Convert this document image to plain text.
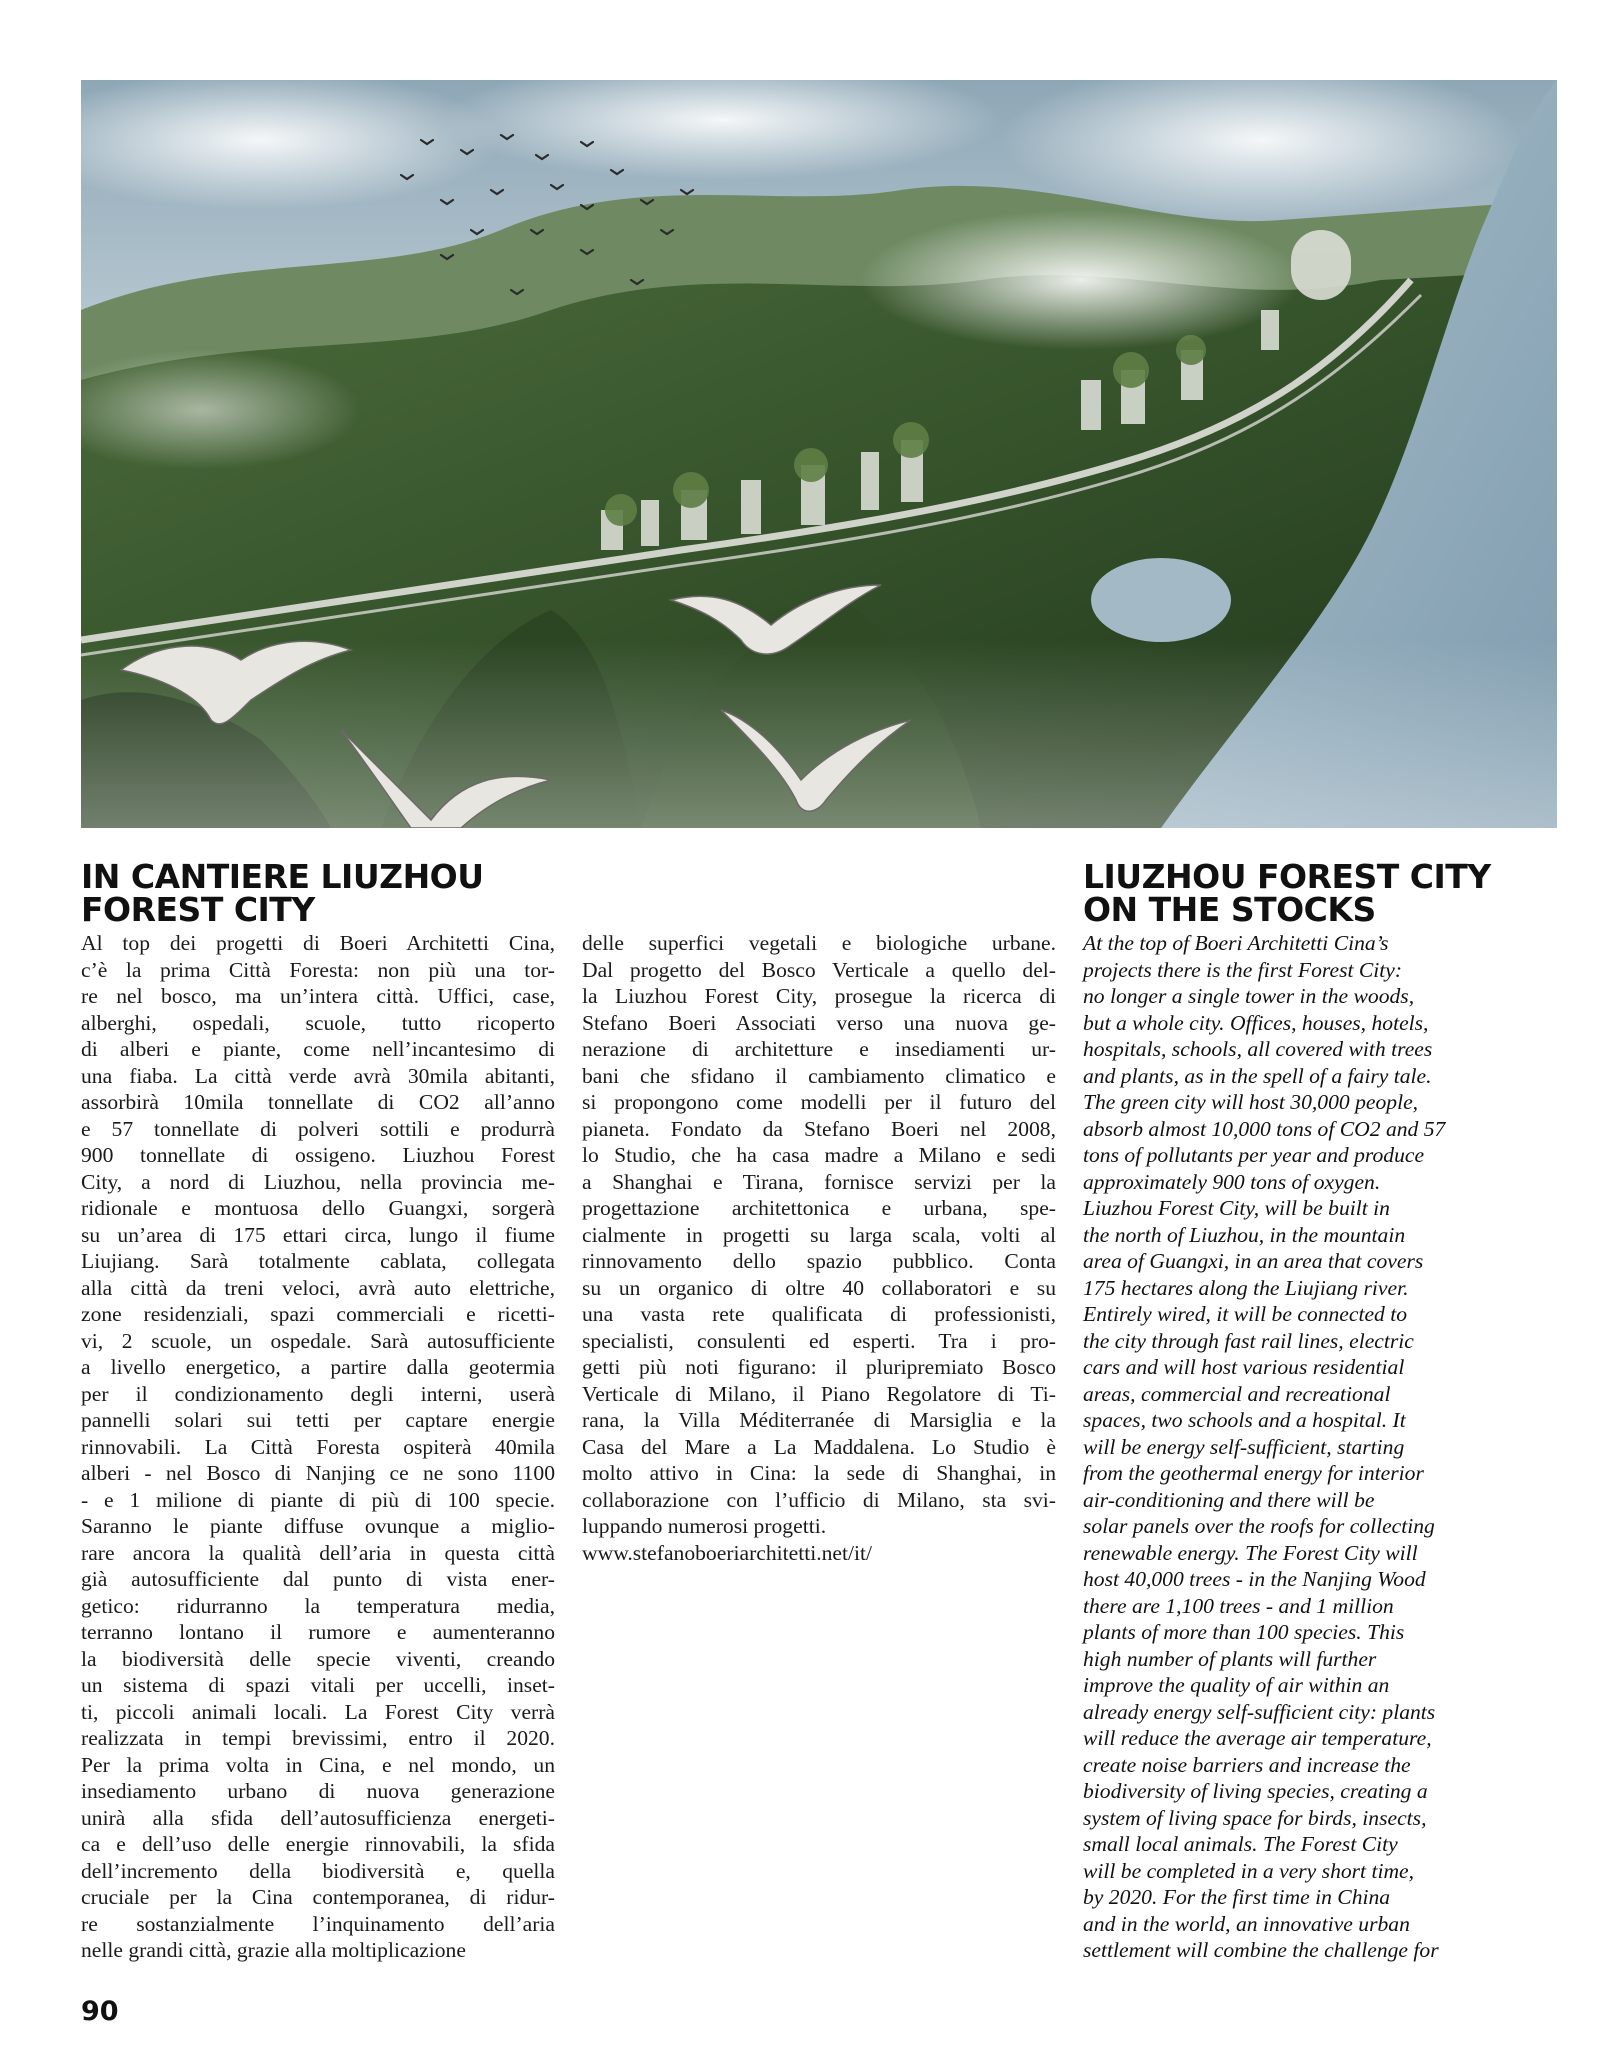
IN CANTIERE LIUZHOU
FOREST CITY
LIUZHOU FOREST CITY
ON THE STOCKS
Al top dei progetti di Boeri Architetti Cina,
c’è la prima Città Foresta: non più una tor-
re nel bosco, ma un’intera città. Uffici, case,
alberghi, ospedali, scuole, tutto ricoperto
di alberi e piante, come nell’incantesimo di
una fiaba. La città verde avrà 30mila abitanti,
assorbirà 10mila tonnellate di CO2 all’anno
e 57 tonnellate di polveri sottili e produrrà
900 tonnellate di ossigeno. Liuzhou Forest
City, a nord di Liuzhou, nella provincia me-
ridionale e montuosa dello Guangxi, sorgerà
su un’area di 175 ettari circa, lungo il fiume
Liujiang. Sarà totalmente cablata, collegata
alla città da treni veloci, avrà auto elettriche,
zone residenziali, spazi commerciali e ricetti-
vi, 2 scuole, un ospedale. Sarà autosufficiente
a livello energetico, a partire dalla geotermia
per il condizionamento degli interni, userà
pannelli solari sui tetti per captare energie
rinnovabili. La Città Foresta ospiterà 40mila
alberi - nel Bosco di Nanjing ce ne sono 1100
- e 1 milione di piante di più di 100 specie.
Saranno le piante diffuse ovunque a miglio-
rare ancora la qualità dell’aria in questa città
già autosufficiente dal punto di vista ener-
getico: ridurranno la temperatura media,
terranno lontano il rumore e aumenteranno
la biodiversità delle specie viventi, creando
un sistema di spazi vitali per uccelli, inset-
ti, piccoli animali locali. La Forest City verrà
realizzata in tempi brevissimi, entro il 2020.
Per la prima volta in Cina, e nel mondo, un
insediamento urbano di nuova generazione
unirà alla sfida dell’autosufficienza energeti-
ca e dell’uso delle energie rinnovabili, la sfida
dell’incremento della biodiversità e, quella
cruciale per la Cina contemporanea, di ridur-
re sostanzialmente l’inquinamento dell’aria
nelle grandi città, grazie alla moltiplicazione
delle superfici vegetali e biologiche urbane.
Dal progetto del Bosco Verticale a quello del-
la Liuzhou Forest City, prosegue la ricerca di
Stefano Boeri Associati verso una nuova ge-
nerazione di architetture e insediamenti ur-
bani che sfidano il cambiamento climatico e
si propongono come modelli per il futuro del
pianeta. Fondato da Stefano Boeri nel 2008,
lo Studio, che ha casa madre a Milano e sedi
a Shanghai e Tirana, fornisce servizi per la
progettazione architettonica e urbana, spe-
cialmente in progetti su larga scala, volti al
rinnovamento dello spazio pubblico. Conta
su un organico di oltre 40 collaboratori e su
una vasta rete qualificata di professionisti,
specialisti, consulenti ed esperti. Tra i pro-
getti più noti figurano: il pluripremiato Bosco
Verticale di Milano, il Piano Regolatore di Ti-
rana, la Villa Méditerranée di Marsiglia e la
Casa del Mare a La Maddalena. Lo Studio è
molto attivo in Cina: la sede di Shanghai, in
collaborazione con l’ufficio di Milano, sta svi-
luppando numerosi progetti.
www.stefanoboeriarchitetti.net/it/
At the top of Boeri Architetti Cina’s
projects there is the first Forest City:
no longer a single tower in the woods,
but a whole city. Offices, houses, hotels,
hospitals, schools, all covered with trees
and plants, as in the spell of a fairy tale.
The green city will host 30,000 people,
absorb almost 10,000 tons of CO2 and 57
tons of pollutants per year and produce
approximately 900 tons of oxygen.
Liuzhou Forest City, will be built in
the north of Liuzhou, in the mountain
area of Guangxi, in an area that covers
175 hectares along the Liujiang river.
Entirely wired, it will be connected to
the city through fast rail lines, electric
cars and will host various residential
areas, commercial and recreational
spaces, two schools and a hospital. It
will be energy self-sufficient, starting
from the geothermal energy for interior
air-conditioning and there will be
solar panels over the roofs for collecting
renewable energy. The Forest City will
host 40,000 trees - in the Nanjing Wood
there are 1,100 trees - and 1 million
plants of more than 100 species. This
high number of plants will further
improve the quality of air within an
already energy self-sufficient city: plants
will reduce the average air temperature,
create noise barriers and increase the
biodiversity of living species, creating a
system of living space for birds, insects,
small local animals. The Forest City
will be completed in a very short time,
by 2020. For the first time in China
and in the world, an innovative urban
settlement will combine the challenge for
90
